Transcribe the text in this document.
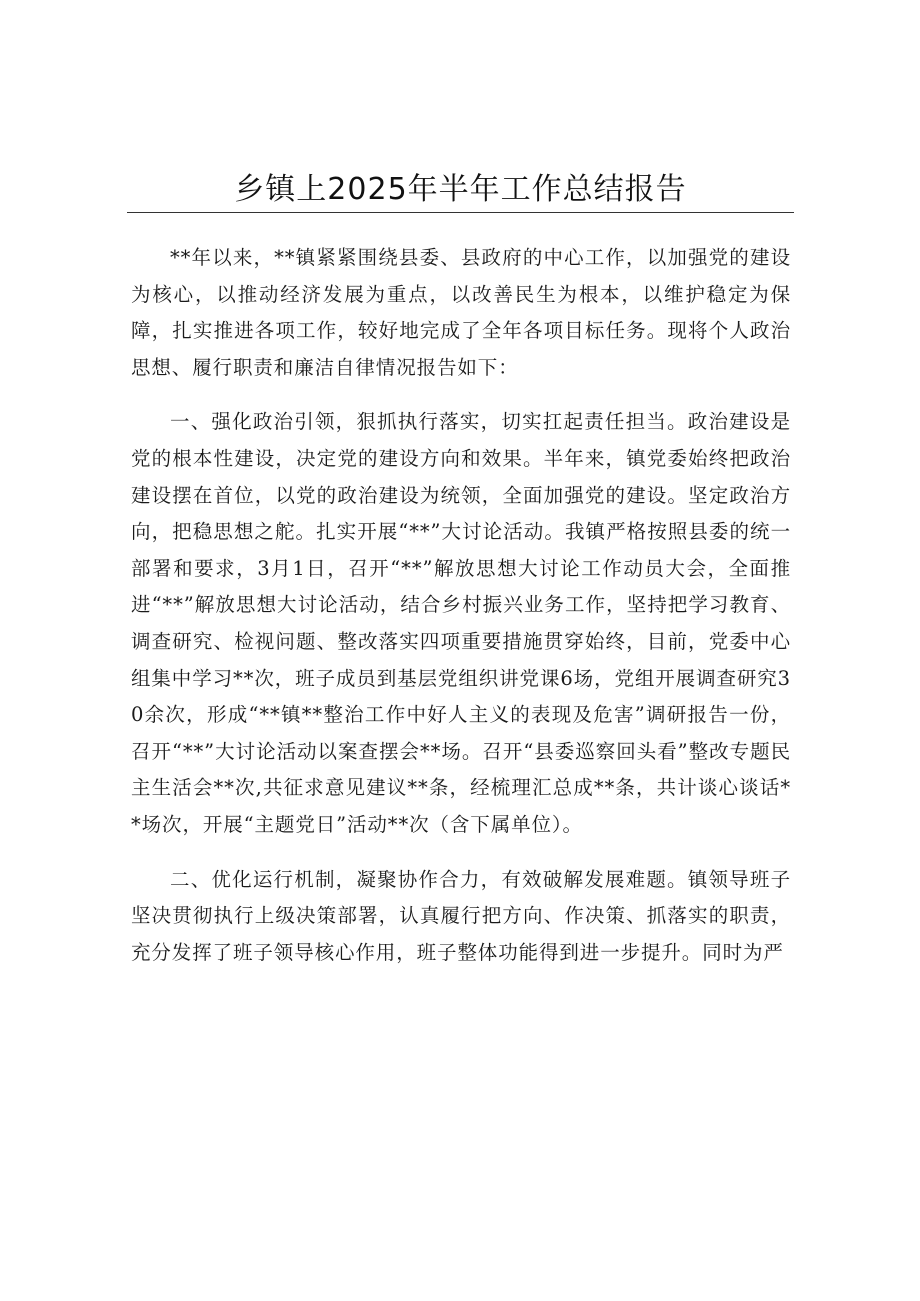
乡镇上2025年半年工作总结报告

**年以来，**镇紧紧围绕县委、县政府的中心工作，以加强党的建设为核心，以推动经济发展为重点，以改善民生为根本，以维护稳定为保障，扎实推进各项工作，较好地完成了全年各项目标任务。现将个人政治思想、履行职责和廉洁自律情况报告如下：

一、强化政治引领，狠抓执行落实，切实扛起责任担当。政治建设是党的根本性建设，决定党的建设方向和效果。半年来，镇党委始终把政治建设摆在首位，以党的政治建设为统领，全面加强党的建设。坚定政治方向，把稳思想之舵。扎实开展“**”大讨论活动。我镇严格按照县委的统一部署和要求，3月1日，召开“**”解放思想大讨论工作动员大会，全面推进“**”解放思想大讨论活动，结合乡村振兴业务工作，坚持把学习教育、调查研究、检视问题、整改落实四项重要措施贯穿始终，目前，党委中心组集中学习**次，班子成员到基层党组织讲党课6场，党组开展调查研究30余次，形成“**镇**整治工作中好人主义的表现及危害”调研报告一份，召开“**”大讨论活动以案查摆会**场。召开“县委巡察回头看”整改专题民主生活会**次,共征求意见建议**条，经梳理汇总成**条，共计谈心谈话**场次，开展“主题党日”活动**次（含下属单位）。

二、优化运行机制，凝聚协作合力，有效破解发展难题。镇领导班子坚决贯彻执行上级决策部署，认真履行把方向、作决策、抓落实的职责，充分发挥了班子领导核心作用，班子整体功能得到进一步提升。同时为严
